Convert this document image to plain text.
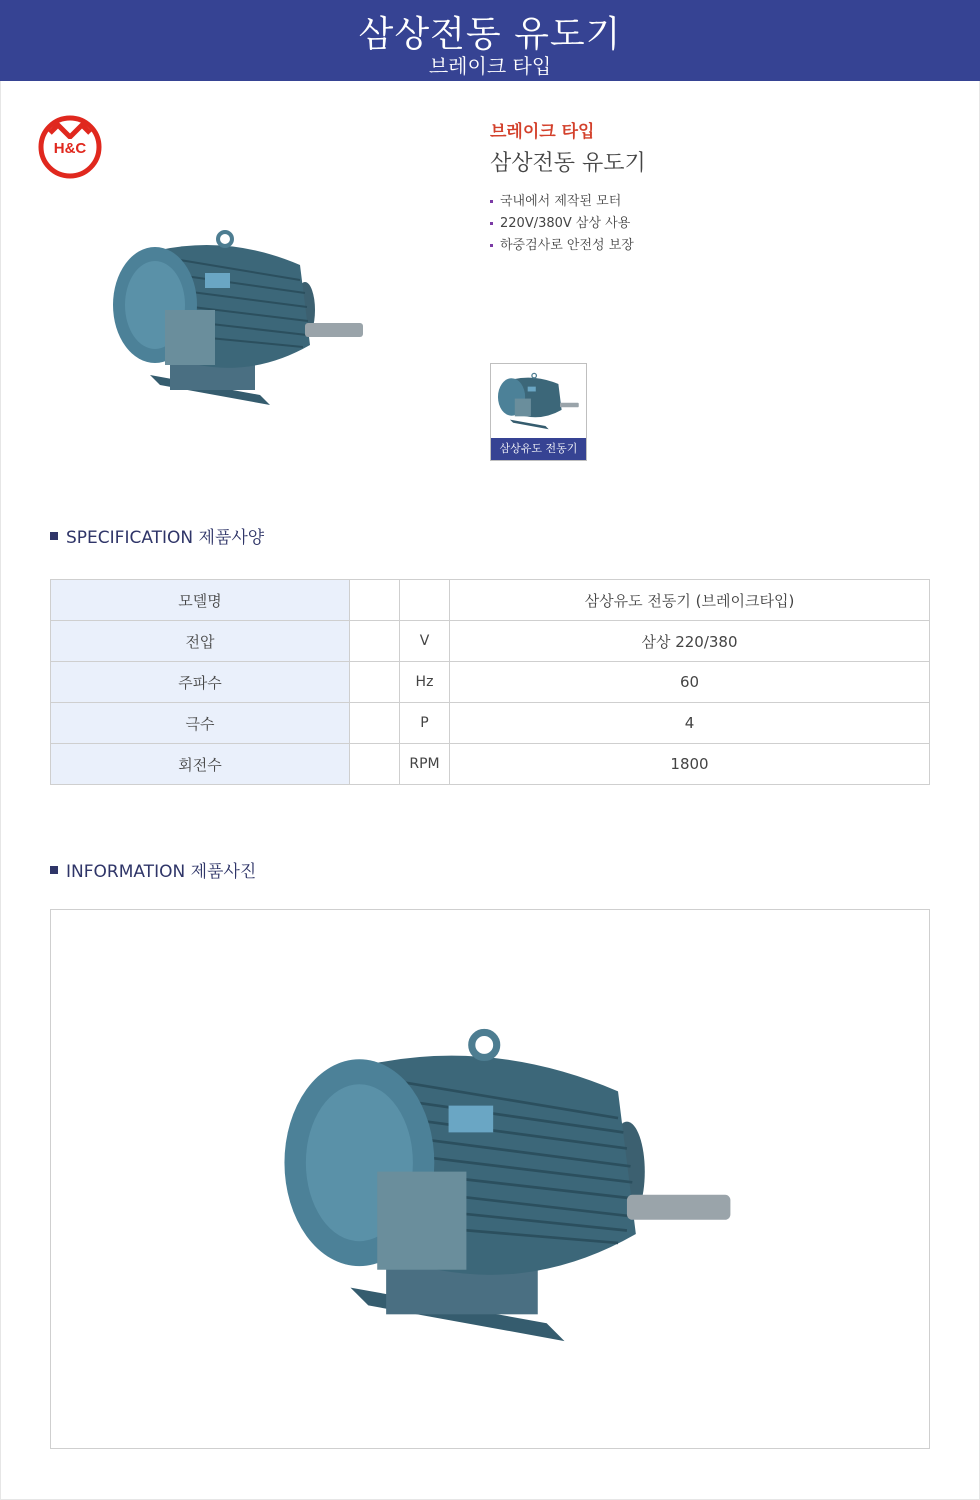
삼상전동 유도기
브레이크 타입
H&C
브레이크 타입
삼상전동 유도기
국내에서 제작된 모터
220V/380V 삼상 사용
하중검사로 안전성 보장
삼상유도 전동기
SPECIFICATION 제품사양
모델명			삼상유도 전동기 (브레이크타입)
전압		V	삼상 220/380
주파수		Hz	60
극수		P	4
회전수		RPM	1800
INFORMATION 제품사진
